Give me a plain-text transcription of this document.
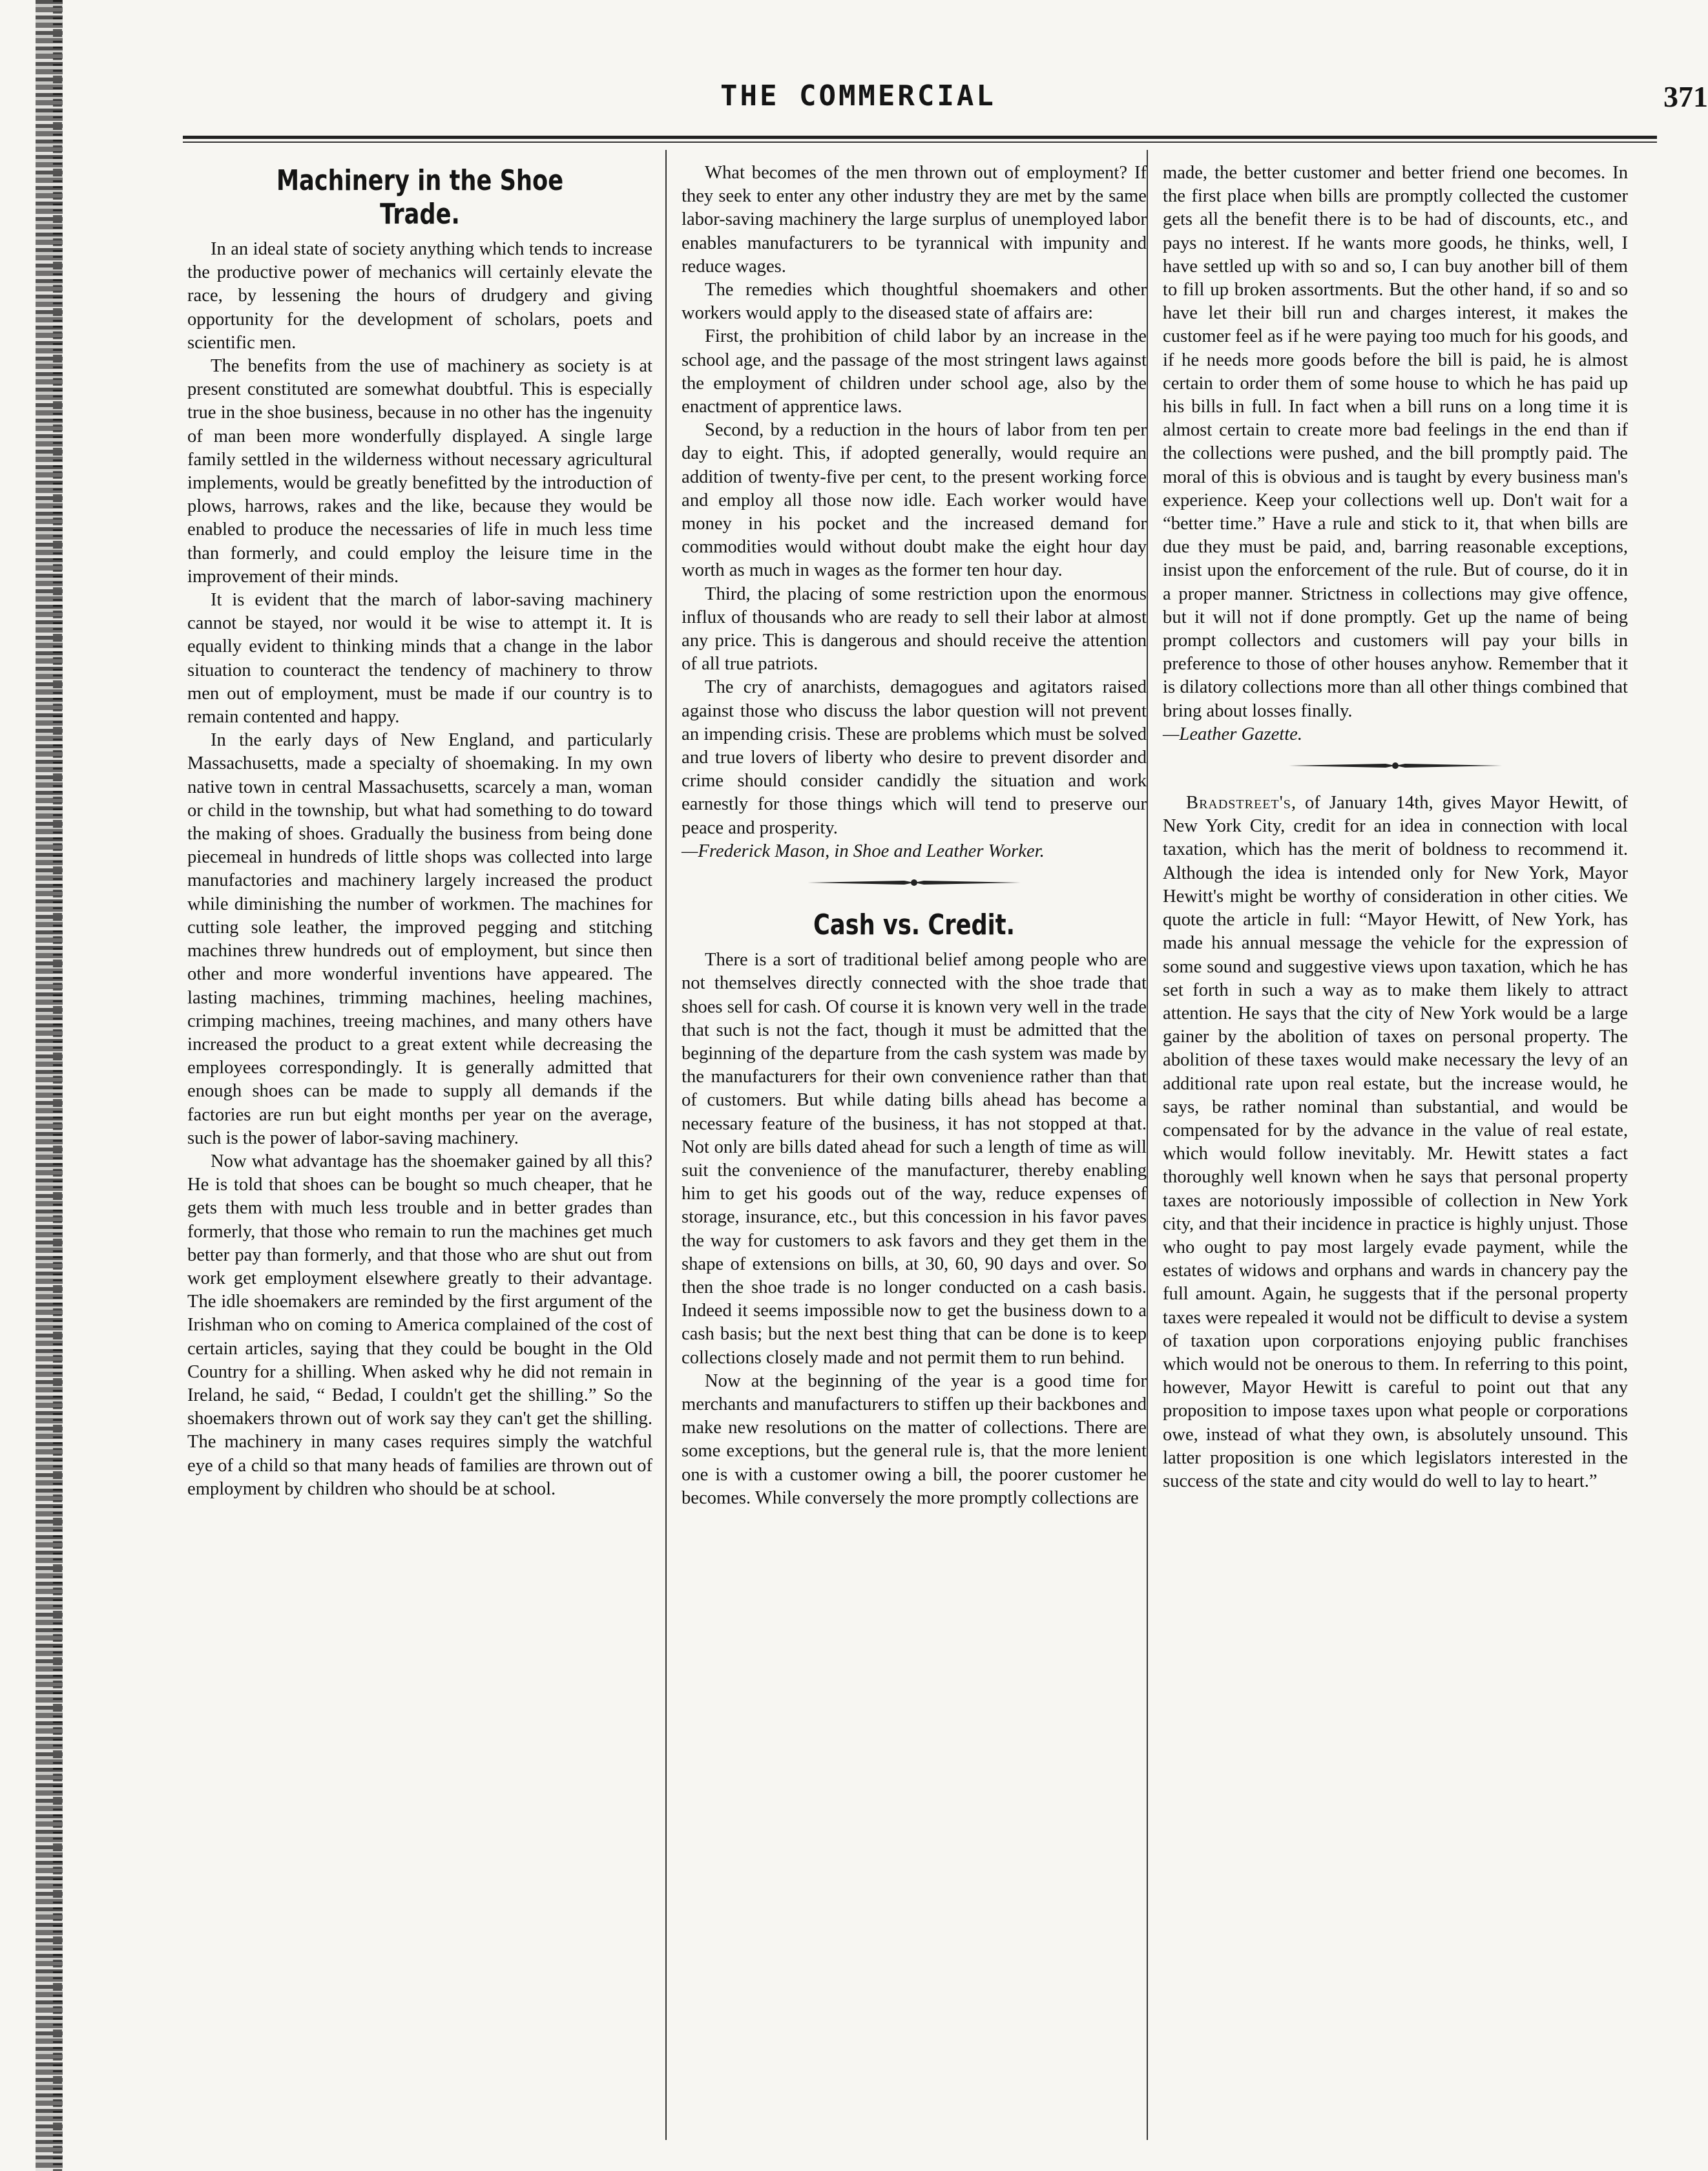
THE COMMERCIAL	371
Machinery in the Shoe Trade.

In an ideal state of society anything which tends to increase the productive power of mechanics will certainly elevate the race, by lessening the hours of drudgery and giving opportunity for the development of scholars, poets and scientific men.

The benefits from the use of machinery as society is at present constituted are somewhat doubtful. This is especially true in the shoe business, because in no other has the ingenuity of man been more wonderfully displayed. A single large family settled in the wilderness without necessary agricultural implements, would be greatly benefitted by the introduction of plows, harrows, rakes and the like, because they would be enabled to produce the necessaries of life in much less time than formerly, and could employ the leisure time in the improvement of their minds.

It is evident that the march of labor-saving machinery cannot be stayed, nor would it be wise to attempt it. It is equally evident to thinking minds that a change in the labor situation to counteract the tendency of machinery to throw men out of employment, must be made if our country is to remain contented and happy.

In the early days of New England, and particularly Massachusetts, made a specialty of shoemaking. In my own native town in central Massachusetts, scarcely a man, woman or child in the township, but what had something to do toward the making of shoes. Gradually the business from being done piecemeal in hundreds of little shops was collected into large manufactories and machinery largely increased the product while diminishing the number of workmen. The machines for cutting sole leather, the improved pegging and stitching machines threw hundreds out of employment, but since then other and more wonderful inventions have appeared. The lasting machines, trimming machines, heeling machines, crimping machines, treeing machines, and many others have increased the product to a great extent while decreasing the employees correspondingly. It is generally admitted that enough shoes can be made to supply all demands if the factories are run but eight months per year on the average, such is the power of labor-saving machinery.

Now what advantage has the shoemaker gained by all this? He is told that shoes can be bought so much cheaper, that he gets them with much less trouble and in better grades than formerly, that those who remain to run the machines get much better pay than formerly, and that those who are shut out from work get employment elsewhere greatly to their advantage. The idle shoemakers are reminded by the first argument of the Irishman who on coming to America complained of the cost of certain articles, saying that they could be bought in the Old Country for a shilling. When asked why he did not remain in Ireland, he said, “ Bedad, I couldn't get the shilling.” So the shoemakers thrown out of work say they can't get the shilling. The machinery in many cases requires simply the watchful eye of a child so that many heads of families are thrown out of employment by children who should be at school.

What becomes of the men thrown out of employment? If they seek to enter any other industry they are met by the same labor-saving machinery the large surplus of unemployed labor enables manufacturers to be tyrannical with impunity and reduce wages.

The remedies which thoughtful shoemakers and other workers would apply to the diseased state of affairs are:

First, the prohibition of child labor by an increase in the school age, and the passage of the most stringent laws against the employment of children under school age, also by the enactment of apprentice laws.

Second, by a reduction in the hours of labor from ten per day to eight. This, if adopted generally, would require an addition of twenty-five per cent, to the present working force and employ all those now idle. Each worker would have money in his pocket and the increased demand for commodities would without doubt make the eight hour day worth as much in wages as the former ten hour day.

Third, the placing of some restriction upon the enormous influx of thousands who are ready to sell their labor at almost any price. This is dangerous and should receive the attention of all true patriots.

The cry of anarchists, demagogues and agitators raised against those who discuss the labor question will not prevent an impending crisis. These are problems which must be solved and true lovers of liberty who desire to prevent disorder and crime should consider candidly the situation and work earnestly for those things which will tend to preserve our peace and prosperity.

—Frederick Mason, in Shoe and Leather Worker.

Cash vs. Credit.

There is a sort of traditional belief among people who are not themselves directly connected with the shoe trade that shoes sell for cash. Of course it is known very well in the trade that such is not the fact, though it must be admitted that the beginning of the departure from the cash system was made by the manufacturers for their own convenience rather than that of customers. But while dating bills ahead has become a necessary feature of the business, it has not stopped at that. Not only are bills dated ahead for such a length of time as will suit the convenience of the manufacturer, thereby enabling him to get his goods out of the way, reduce expenses of storage, insurance, etc., but this concession in his favor paves the way for customers to ask favors and they get them in the shape of extensions on bills, at 30, 60, 90 days and over. So then the shoe trade is no longer conducted on a cash basis. Indeed it seems impossible now to get the business down to a cash basis; but the next best thing that can be done is to keep collections closely made and not permit them to run behind.

Now at the beginning of the year is a good time for merchants and manufacturers to stiffen up their backbones and make new resolutions on the matter of collections. There are some exceptions, but the general rule is, that the more lenient one is with a customer owing a bill, the poorer customer he becomes. While conversely the more promptly collections are

made, the better customer and better friend one becomes. In the first place when bills are promptly collected the customer gets all the benefit there is to be had of discounts, etc., and pays no interest. If he wants more goods, he thinks, well, I have settled up with so and so, I can buy another bill of them to fill up broken assortments. But the other hand, if so and so have let their bill run and charges interest, it makes the customer feel as if he were paying too much for his goods, and if he needs more goods before the bill is paid, he is almost certain to order them of some house to which he has paid up his bills in full. In fact when a bill runs on a long time it is almost certain to create more bad feelings in the end than if the collections were pushed, and the bill promptly paid. The moral of this is obvious and is taught by every business man's experience. Keep your collections well up. Don't wait for a “better time.” Have a rule and stick to it, that when bills are due they must be paid, and, barring reasonable exceptions, insist upon the enforcement of the rule. But of course, do it in a proper manner. Strictness in collections may give offence, but it will not if done promptly. Get up the name of being prompt collectors and customers will pay your bills in preference to those of other houses anyhow. Remember that it is dilatory collections more than all other things combined that bring about losses finally.

—Leather Gazette.

Bradstreet's, of January 14th, gives Mayor Hewitt, of New York City, credit for an idea in connection with local taxation, which has the merit of boldness to recommend it. Although the idea is intended only for New York, Mayor Hewitt's might be worthy of consideration in other cities. We quote the article in full: “Mayor Hewitt, of New York, has made his annual message the vehicle for the expression of some sound and suggestive views upon taxation, which he has set forth in such a way as to make them likely to attract attention. He says that the city of New York would be a large gainer by the abolition of taxes on personal property. The abolition of these taxes would make necessary the levy of an additional rate upon real estate, but the increase would, he says, be rather nominal than substantial, and would be compensated for by the advance in the value of real estate, which would follow inevitably. Mr. Hewitt states a fact thoroughly well known when he says that personal property taxes are notoriously impossible of collection in New York city, and that their incidence in practice is highly unjust. Those who ought to pay most largely evade payment, while the estates of widows and orphans and wards in chancery pay the full amount. Again, he suggests that if the personal property taxes were repealed it would not be difficult to devise a system of taxation upon corporations enjoying public franchises which would not be onerous to them. In referring to this point, however, Mayor Hewitt is careful to point out that any proposition to impose taxes upon what people or corporations owe, instead of what they own, is absolutely unsound. This latter proposition is one which legislators interested in the success of the state and city would do well to lay to heart.”
